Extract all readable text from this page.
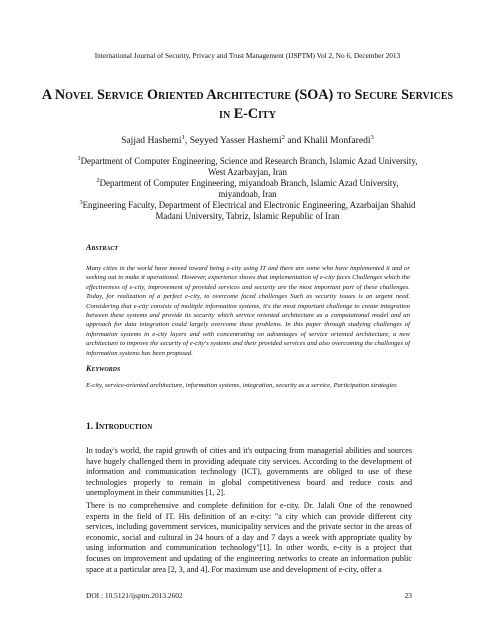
International Journal of Security, Privacy and Trust Management (IJSPTM) Vol 2, No 6, December 2013
A Novel Service Oriented Architecture (SOA) to Secure Services in E-City
Sajjad Hashemi$^1$, Seyyed Yasser Hashemi$^2$ and Khalil Monfaredi$^3$

$^1$Department of Computer Engineering, Science and Research Branch, Islamic Azad University, West Azarbayjan, Iran

$^2$Department of Computer Engineering, miyandoab Branch, Islamic Azad University, miyandoab, Iran

$^3$Engineering Faculty, Department of Electrical and Electronic Engineering, Azarbaijan Shahid Madani University, Tabriz, Islamic Republic of Iran

Abstract
Many cities in the world have moved toward being e-city using IT and there are some who have implemented it and or seeking out to make it operational. However, experience shows that implementation of e-city faces Challenges which the effectiveness of e-city, improvement of provided services and security are the most important part of these challenges. Today, for realization of a perfect e-city, to overcome faced challenges Such as security issues is an urgent need. Considering that e-city consists of multiple information systems, it's the most important challenge to create integration between these systems and provide its security which service oriented architecture as a computational model and an approach for data integration could largely overcome these problems. In this paper through studying challenges of information systems in e-city layers and with concentrating on advantages of service oriented architecture, a new architecture to improve the security of e-city's systems and their provided services and also overcoming the challenges of information systems has been proposed.
Keywords
E-city, service-oriented architecture, information systems, integration, security as a service, Participation strategies
1. Introduction

In today's world, the rapid growth of cities and it's outpacing from managerial abilities and sources have hugely challenged them in providing adequate city services. According to the development of information and communication technology (ICT), governments are obliged to use of these technologies properly to remain in global competitiveness board and reduce costs and unemployment in their communities [1, 2].

There is no comprehensive and complete definition for e-city. Dr. Jalali One of the renowned experts in the field of IT. His definition of an e-city: "a city which can provide different city services, including government services, municipality services and the private sector in the areas of economic, social and cultural in 24 hours of a day and 7 days a week with appropriate quality by using information and communication technology"[1]. In other words, e-city is a project that focuses on improvement and updating of the engineering networks to create an information public space at a particular area [2, 3, and 4]. For maximum use and development of e-city, offer a

DOI : 10.5121/ijsptm.2013.2602	23
